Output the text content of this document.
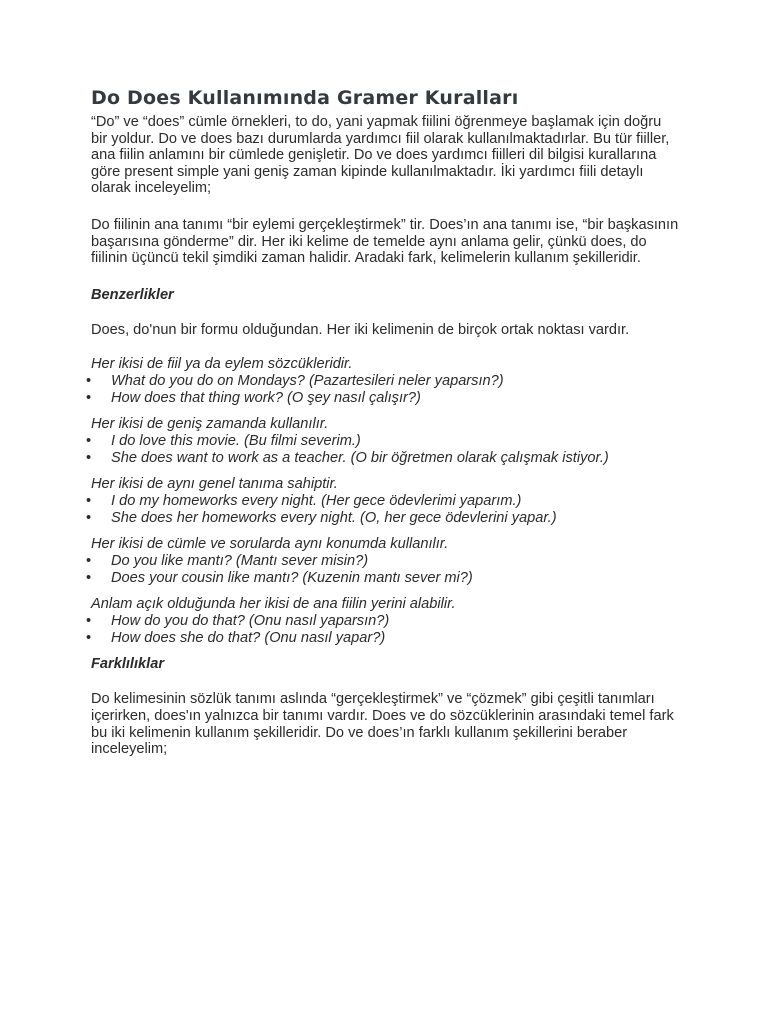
Do Does Kullanımında Gramer Kuralları

“Do” ve “does” cümle örnekleri, to do, yani yapmak fiilini öğrenmeye başlamak için doğru bir yoldur. Do ve does bazı durumlarda yardımcı fiil olarak kullanılmaktadırlar. Bu tür fiiller, ana fiilin anlamını bir cümlede genişletir. Do ve does yardımcı fiilleri dil bilgisi kurallarına göre present simple yani geniş zaman kipinde kullanılmaktadır. İki yardımcı fiili detaylı olarak inceleyelim;

Do fiilinin ana tanımı “bir eylemi gerçekleştirmek” tir. Does’ın ana tanımı ise, “bir başkasının başarısına gönderme” dir. Her iki kelime de temelde aynı anlama gelir, çünkü does, do fiilinin üçüncü tekil şimdiki zaman halidir. Aradaki fark, kelimelerin kullanım şekilleridir.

Benzerlikler

Does, do'nun bir formu olduğundan. Her iki kelimenin de birçok ortak noktası vardır.

Her ikisi de fiil ya da eylem sözcükleridir.

• What do you do on Mondays? (Pazartesileri neler yaparsın?)
• How does that thing work? (O şey nasıl çalışır?)

Her ikisi de geniş zamanda kullanılır.

• I do love this movie. (Bu filmi severim.)
• She does want to work as a teacher. (O bir öğretmen olarak çalışmak istiyor.)

Her ikisi de aynı genel tanıma sahiptir.

• I do my homeworks every night. (Her gece ödevlerimi yaparım.)
• She does her homeworks every night. (O, her gece ödevlerini yapar.)

Her ikisi de cümle ve sorularda aynı konumda kullanılır.

• Do you like mantı? (Mantı sever misin?)
• Does your cousin like mantı? (Kuzenin mantı sever mi?)

Anlam açık olduğunda her ikisi de ana fiilin yerini alabilir.

• How do you do that? (Onu nasıl yaparsın?)
• How does she do that? (Onu nasıl yapar?)

Farklılıklar

Do kelimesinin sözlük tanımı aslında “gerçekleştirmek” ve “çözmek” gibi çeşitli tanımları içerirken, does'ın yalnızca bir tanımı vardır. Does ve do sözcüklerinin arasındaki temel fark bu iki kelimenin kullanım şekilleridir. Do ve does’ın farklı kullanım şekillerini beraber inceleyelim;
